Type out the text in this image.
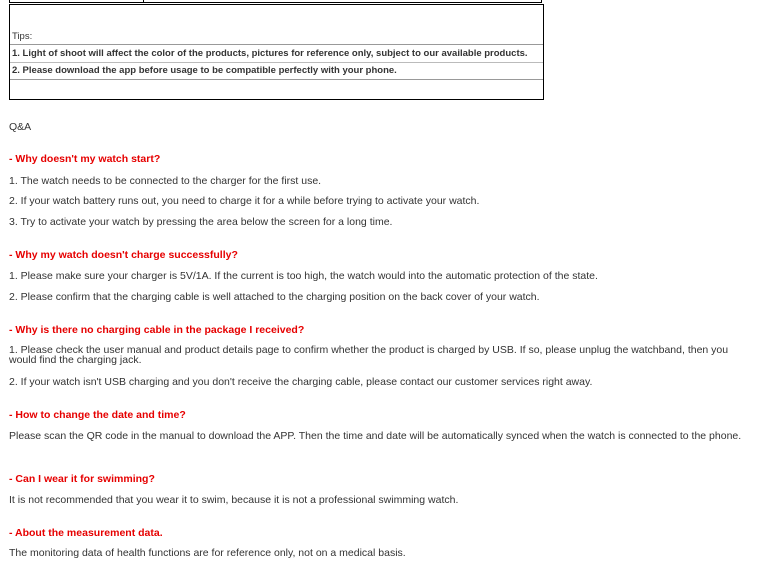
Tips:
1. Light of shoot will affect the color of the products, pictures for reference only, subject to our available products.
2. Please download the app before usage to be compatible perfectly with your phone.
Q&A
- Why doesn't my watch start?
1. The watch needs to be connected to the charger for the first use.
2. If your watch battery runs out, you need to charge it for a while before trying to activate your watch.
3. Try to activate your watch by pressing the area below the screen for a long time.
- Why my watch doesn't charge successfully?
1. Please make sure your charger is 5V/1A. If the current is too high, the watch would into the automatic protection of the state.
2. Please confirm that the charging cable is well attached to the charging position on the back cover of your watch.
- Why is there no charging cable in the package I received?
1. Please check the user manual and product details page to confirm whether the product is charged by USB. If so, please unplug the watchband, then you would find the charging jack.
2. If your watch isn't USB charging and you don't receive the charging cable, please contact our customer services right away.
- How to change the date and time?
Please scan the QR code in the manual to download the APP. Then the time and date will be automatically synced when the watch is connected to the phone.
- Can I wear it for swimming?
It is not recommended that you wear it to swim, because it is not a professional swimming watch.
- About the measurement data.
The monitoring data of health functions are for reference only, not on a medical basis.
